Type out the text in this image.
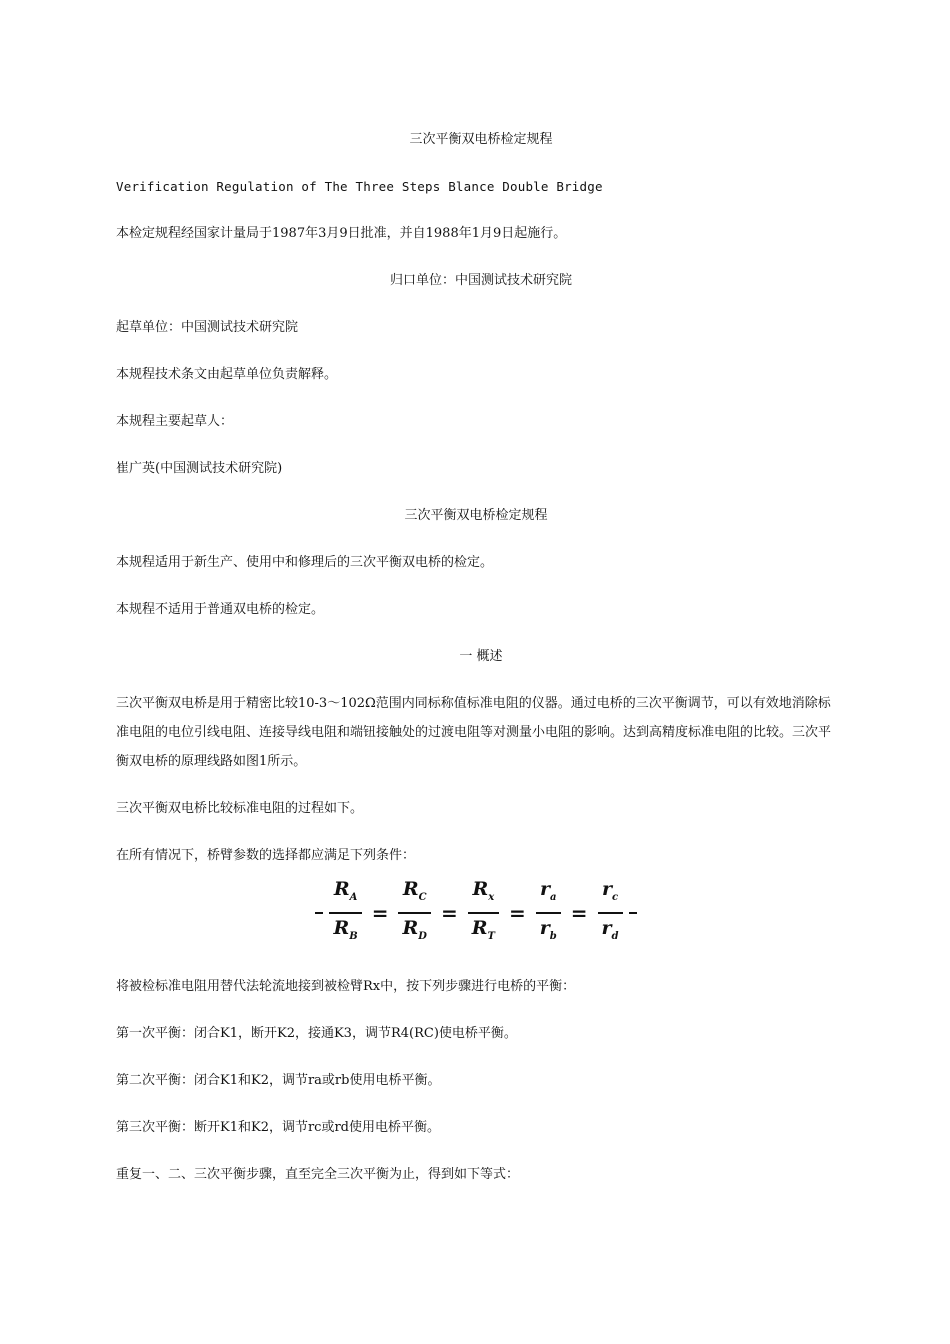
三次平衡双电桥检定规程

Verification Regulation of The Three Steps Blance Double Bridge

本检定规程经国家计量局于1987年3月9日批准，并自1988年1月9日起施行。

归口单位：中国测试技术研究院

起草单位：中国测试技术研究院

本规程技术条文由起草单位负责解释。

本规程主要起草人：

崔广英(中国测试技术研究院)

三次平衡双电桥检定规程

本规程适用于新生产、使用中和修理后的三次平衡双电桥的检定。

本规程不适用于普通双电桥的检定。

一 概述

三次平衡双电桥是用于精密比较10-3～102Ω范围内同标称值标准电阻的仪器。通过电桥的三次平衡调节，可以有效地消除标准电阻的电位引线电阻、连接导线电阻和端钮接触处的过渡电阻等对测量小电阻的影响。达到高精度标准电阻的比较。三次平衡双电桥的原理线路如图1所示。

三次平衡双电桥比较标准电阻的过程如下。

在所有情况下，桥臂参数的选择都应满足下列条件：

$\frac{R_A}{R_B} = \frac{R_C}{R_D} = \frac{R_x}{R_T} = \frac{r_a}{r_b} = \frac{r_c}{r_d}$

将被检标准电阻用替代法轮流地接到被检臂Rx中，按下列步骤进行电桥的平衡：

第一次平衡：闭合K1，断开K2，接通K3，调节R4(RC)使电桥平衡。

第二次平衡：闭合K1和K2，调节ra或rb使用电桥平衡。

第三次平衡：断开K1和K2，调节rc或rd使用电桥平衡。

重复一、二、三次平衡步骤，直至完全三次平衡为止，得到如下等式：
